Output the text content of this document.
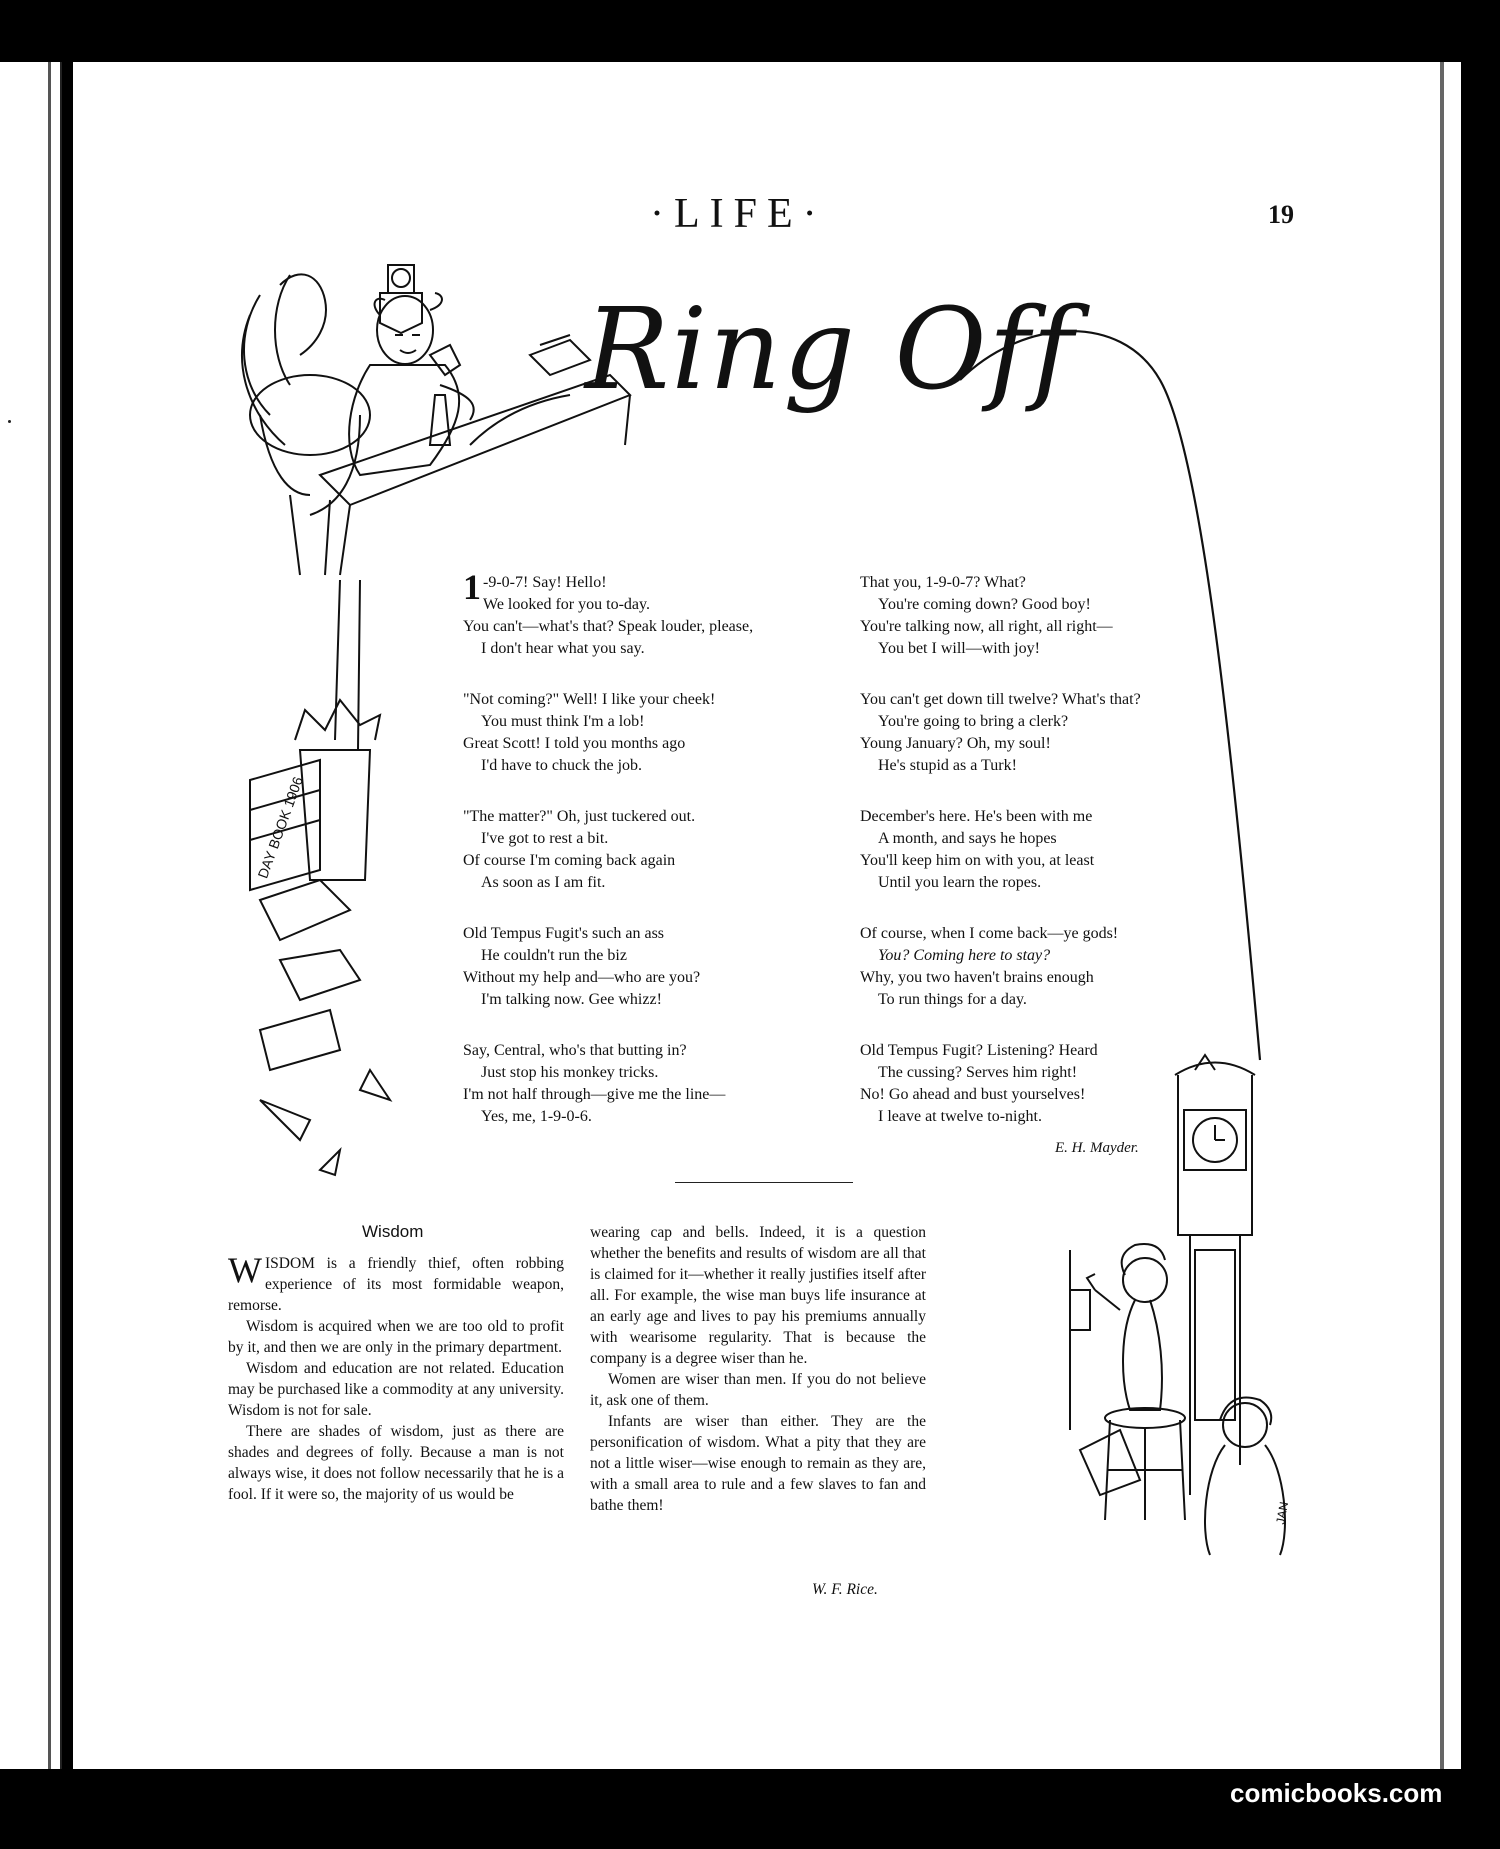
·LIFE·	19
Ring Off
DAY BOOK 1906
1 -9-0-7! Say! Hello!
We looked for you to-day.
You can't—what's that? Speak louder, please,
I don't hear what you say.
"Not coming?" Well! I like your cheek!
You must think I'm a lob!
Great Scott! I told you months ago
I'd have to chuck the job.
"The matter?" Oh, just tuckered out.
I've got to rest a bit.
Of course I'm coming back again
As soon as I am fit.
Old Tempus Fugit's such an ass
He couldn't run the biz
Without my help and—who are you?
I'm talking now. Gee whizz!
Say, Central, who's that butting in?
Just stop his monkey tricks.
I'm not half through—give me the line—
Yes, me, 1-9-0-6.
That you, 1-9-0-7? What?
You're coming down? Good boy!
You're talking now, all right, all right—
You bet I will—with joy!
You can't get down till twelve? What's that?
You're going to bring a clerk?
Young January? Oh, my soul!
He's stupid as a Turk!
December's here. He's been with me
A month, and says he hopes
You'll keep him on with you, at least
Until you learn the ropes.
Of course, when I come back—ye gods!
You? Coming here to stay?
Why, you two haven't brains enough
To run things for a day.
Old Tempus Fugit? Listening? Heard
The cussing? Serves him right!
No! Go ahead and bust yourselves!
I leave at twelve to-night.
E. H. Mayder.
JAN
Wisdom

WISDOM is a friendly thief, often robbing experience of its most formidable weapon, remorse.

Wisdom is acquired when we are too old to profit by it, and then we are only in the primary department.

Wisdom and education are not related. Education may be purchased like a commodity at any university. Wisdom is not for sale.

There are shades of wisdom, just as there are shades and degrees of folly. Because a man is not always wise, it does not follow necessarily that he is a fool. If it were so, the majority of us would be

wearing cap and bells. Indeed, it is a question whether the benefits and results of wisdom are all that is claimed for it—whether it really justifies itself after all. For example, the wise man buys life insurance at an early age and lives to pay his premiums annually with wearisome regularity. That is because the company is a degree wiser than he.

Women are wiser than men. If you do not believe it, ask one of them.

Infants are wiser than either. They are the personification of wisdom. What a pity that they are not a little wiser—wise enough to remain as they are, with a small area to rule and a few slaves to fan and bathe them!

W. F. Rice.
comicbooks.com
